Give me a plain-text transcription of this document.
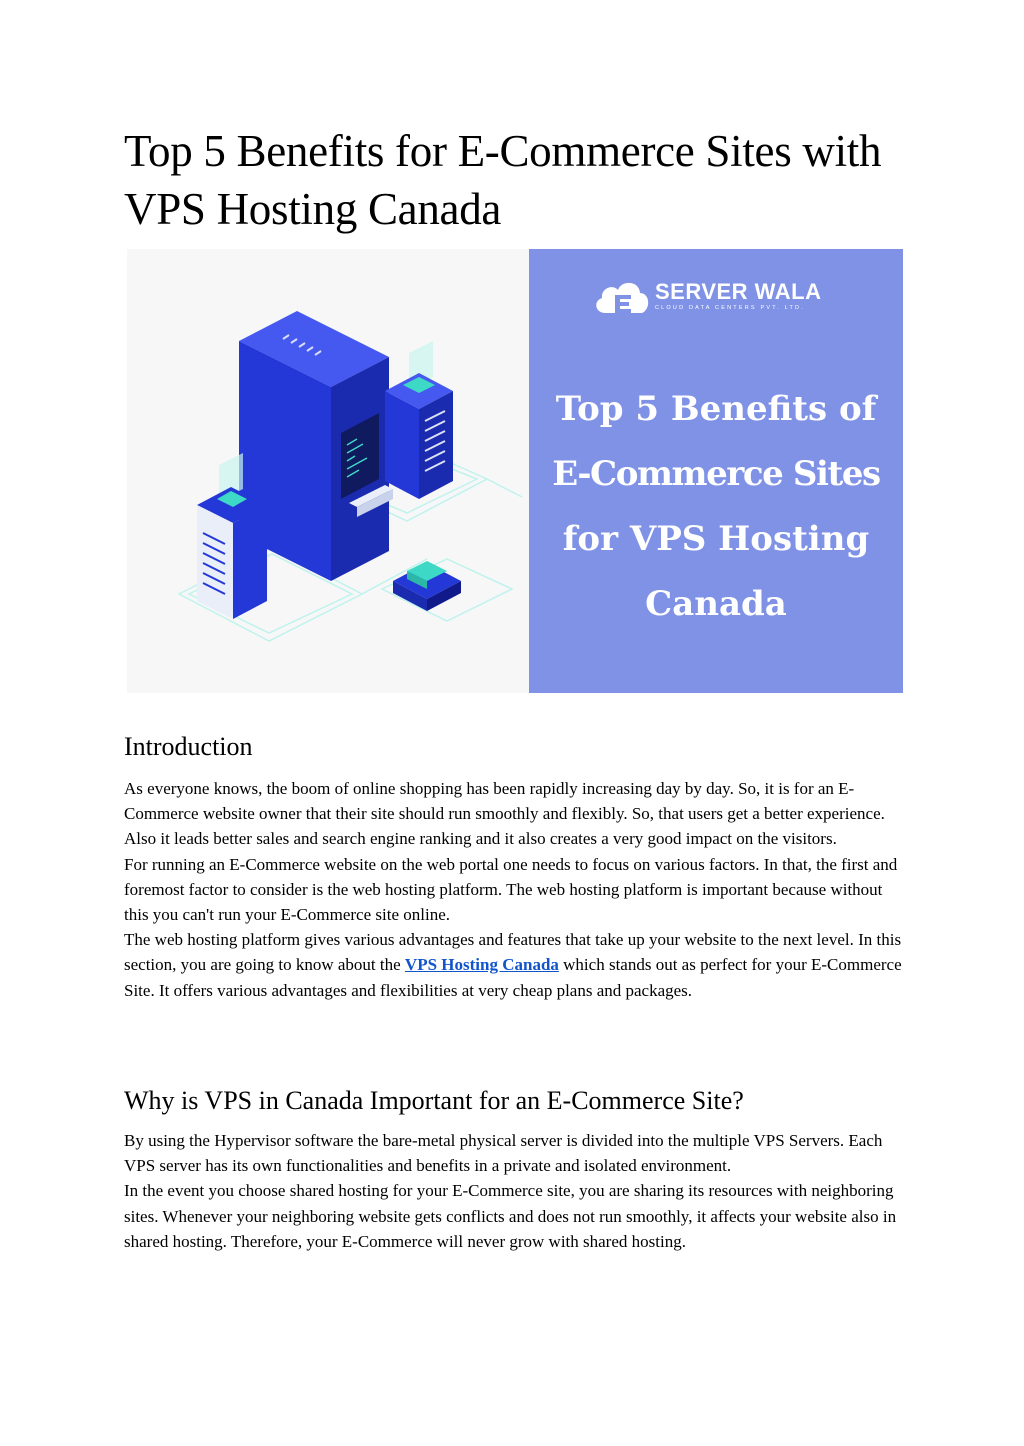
Top 5 Benefits for E-Commerce Sites with VPS Hosting Canada

SERVER WALA

CLOUD DATA CENTERS PVT. LTD.

Top 5 Benefits of
E-Commerce Sites
for VPS Hosting
Canada
Introduction

As everyone knows, the boom of online shopping has been rapidly increasing day by day. So, it is for an E-Commerce website owner that their site should run smoothly and flexibly. So, that users get a better experience. Also it leads better sales and search engine ranking and it also creates a very good impact on the visitors.

For running an E-Commerce website on the web portal one needs to focus on various factors. In that, the first and foremost factor to consider is the web hosting platform. The web hosting platform is important because without this you can't run your E-Commerce site online.

The web hosting platform gives various advantages and features that take up your website to the next level. In this section, you are going to know about the VPS Hosting Canada which stands out as perfect for your E-Commerce Site. It offers various advantages and flexibilities at very cheap plans and packages.

Why is VPS in Canada Important for an E-Commerce Site?

By using the Hypervisor software the bare-metal physical server is divided into the multiple VPS Servers. Each VPS server has its own functionalities and benefits in a private and isolated environment.

In the event you choose shared hosting for your E-Commerce site, you are sharing its resources with neighboring sites. Whenever your neighboring website gets conflicts and does not run smoothly, it affects your website also in shared hosting. Therefore, your E-Commerce will never grow with shared hosting.
